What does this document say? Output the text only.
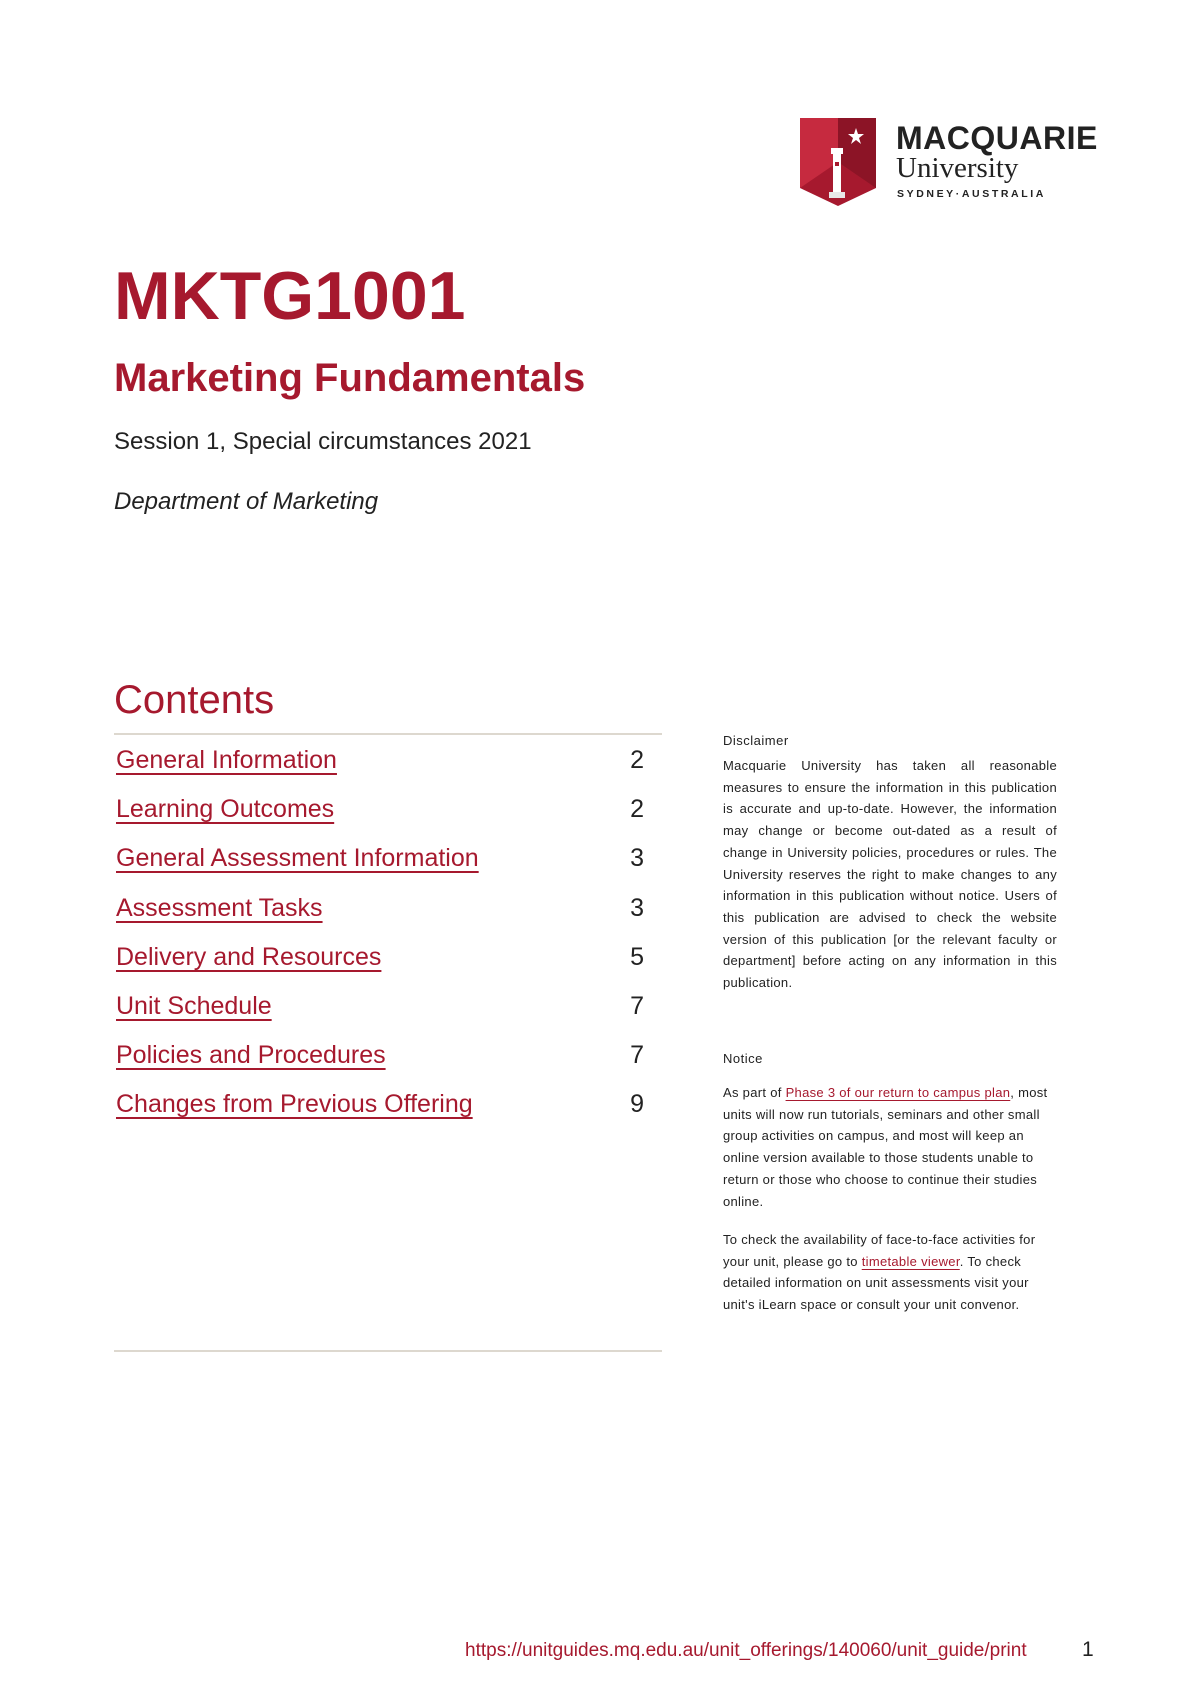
MACQUARIE
University
SYDNEY·AUSTRALIA
MKTG1001
Marketing Fundamentals
Session 1, Special circumstances 2021
Department of Marketing
Contents
General Information	2
Learning Outcomes	2
General Assessment Information	3
Assessment Tasks	3
Delivery and Resources	5
Unit Schedule	7
Policies and Procedures	7
Changes from Previous Offering	9
Disclaimer
Macquarie University has taken all reasonable measures to ensure the information in this publication is accurate and up-to-date. However, the information may change or become out-dated as a result of change in University policies, procedures or rules. The University reserves the right to make changes to any information in this publication without notice. Users of this publication are advised to check the website version of this publication [or the relevant faculty or department] before acting on any information in this publication.
Notice
As part of Phase 3 of our return to campus plan, most units will now run tutorials, seminars and other small group activities on campus, and most will keep an online version available to those students unable to return or those who choose to continue their studies online.
To check the availability of face-to-face activities for your unit, please go to timetable viewer. To check detailed information on unit assessments visit your unit's iLearn space or consult your unit convenor.
https://unitguides.mq.edu.au/unit_offerings/140060/unit_guide/print	1
